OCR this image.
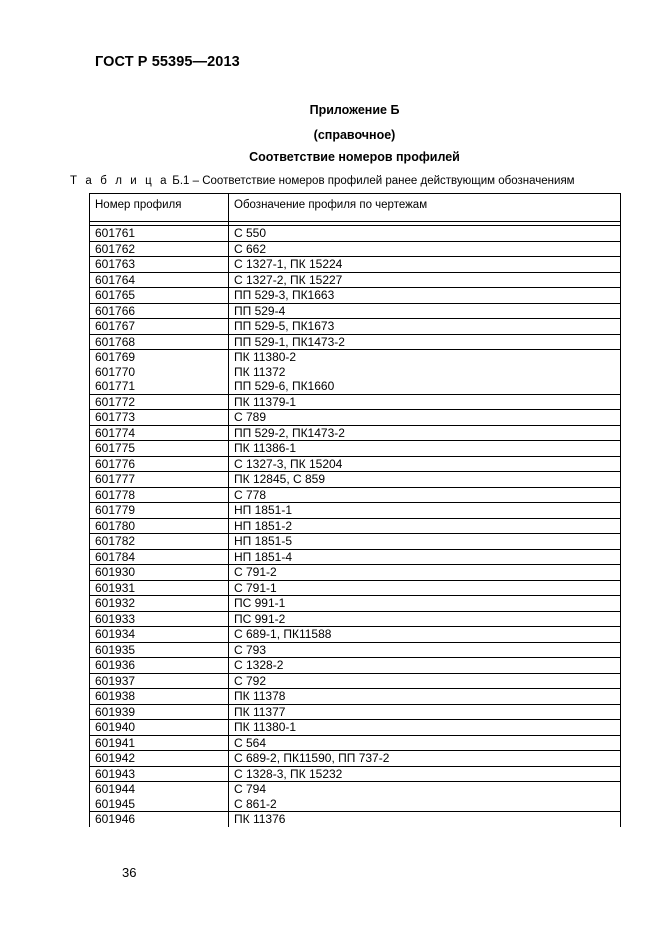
ГОСТ Р 55395—2013
Приложение Б
(справочное)
Соответствие номеров профилей
Т а б л и ц а Б.1 – Соответствие номеров профилей ранее действующим обозначениям
Номер профиля	Обозначение профиля по чертежам
601761	С 550
601762	С 662
601763	С 1327-1, ПК 15224
601764	С 1327-2, ПК 15227
601765	ПП 529-3, ПК1663
601766	ПП 529-4
601767	ПП 529-5, ПК1673
601768	ПП 529-1, ПК1473-2
601769	ПК 11380-2
601770	ПК 11372
601771	ПП 529-6, ПК1660
601772	ПК 11379-1
601773	С 789
601774	ПП 529-2, ПК1473-2
601775	ПК 11386-1
601776	С 1327-3, ПК 15204
601777	ПК 12845, С 859
601778	С 778
601779	НП 1851-1
601780	НП 1851-2
601782	НП 1851-5
601784	НП 1851-4
601930	С 791-2
601931	С 791-1
601932	ПС 991-1
601933	ПС 991-2
601934	С 689-1, ПК11588
601935	С 793
601936	С 1328-2
601937	С 792
601938	ПК 11378
601939	ПК 11377
601940	ПК 11380-1
601941	С 564
601942	С 689-2, ПК11590, ПП 737-2
601943	С 1328-3, ПК 15232
601944	С 794
601945	С 861-2
601946	ПК 11376
36
